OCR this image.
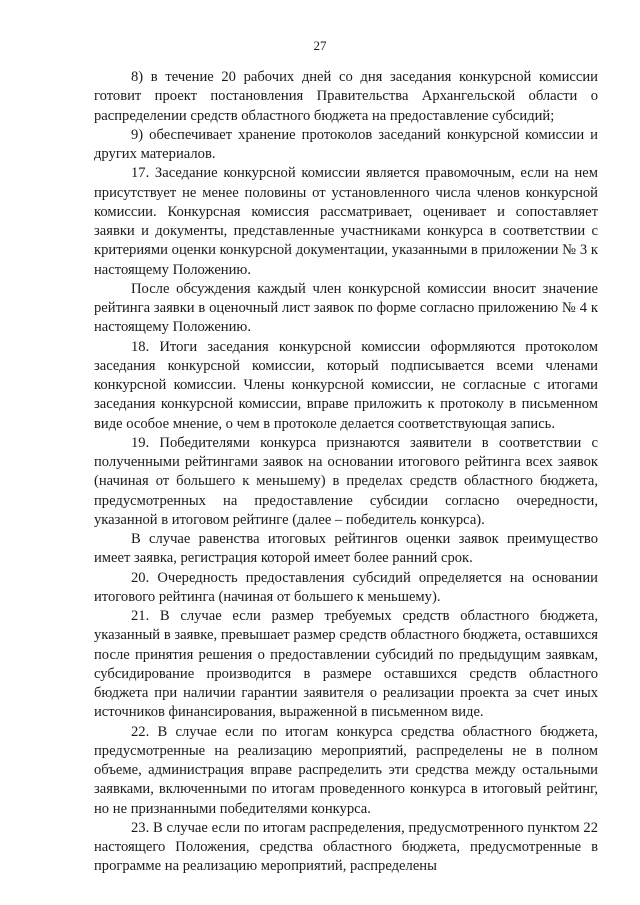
27

8) в течение 20 рабочих дней со дня заседания конкурсной комиссии готовит проект постановления Правительства Архангельской области о распределении средств областного бюджета на предоставление субсидий;

9) обеспечивает хранение протоколов заседаний конкурсной комиссии и других материалов.

17. Заседание конкурсной комиссии является правомочным, если на нем присутствует не менее половины от установленного числа членов конкурсной комиссии. Конкурсная комиссия рассматривает, оценивает и сопоставляет заявки и документы, представленные участниками конкурса в соответствии с критериями оценки конкурсной документации, указанными в приложении № 3 к настоящему Положению.

После обсуждения каждый член конкурсной комиссии вносит значение рейтинга заявки в оценочный лист заявок по форме согласно приложению № 4 к настоящему Положению.

18. Итоги заседания конкурсной комиссии оформляются протоколом заседания конкурсной комиссии, который подписывается всеми членами конкурсной комиссии. Члены конкурсной комиссии, не согласные с итогами заседания конкурсной комиссии, вправе приложить к протоколу в письменном виде особое мнение, о чем в протоколе делается соответствующая запись.

19. Победителями конкурса признаются заявители в соответствии с полученными рейтингами заявок на основании итогового рейтинга всех заявок (начиная от большего к меньшему) в пределах средств областного бюджета, предусмотренных на предоставление субсидии согласно очередности, указанной в итоговом рейтинге (далее – победитель конкурса).

В случае равенства итоговых рейтингов оценки заявок преимущество имеет заявка, регистрация которой имеет более ранний срок.

20. Очередность предоставления субсидий определяется на основании итогового рейтинга (начиная от большего к меньшему).

21. В случае если размер требуемых средств областного бюджета, указанный в заявке, превышает размер средств областного бюджета, оставшихся после принятия решения о предоставлении субсидий по предыдущим заявкам, субсидирование производится в размере оставшихся средств областного бюджета при наличии гарантии заявителя о реализации проекта за счет иных источников финансирования, выраженной в письменном виде.

22. В случае если по итогам конкурса средства областного бюджета, предусмотренные на реализацию мероприятий, распределены не в полном объеме, администрация вправе распределить эти средства между остальными заявками, включенными по итогам проведенного конкурса в итоговый рейтинг, но не признанными победителями конкурса.

23. В случае если по итогам распределения, предусмотренного пунктом 22 настоящего Положения, средства областного бюджета, предусмотренные в программе на реализацию мероприятий, распределены
